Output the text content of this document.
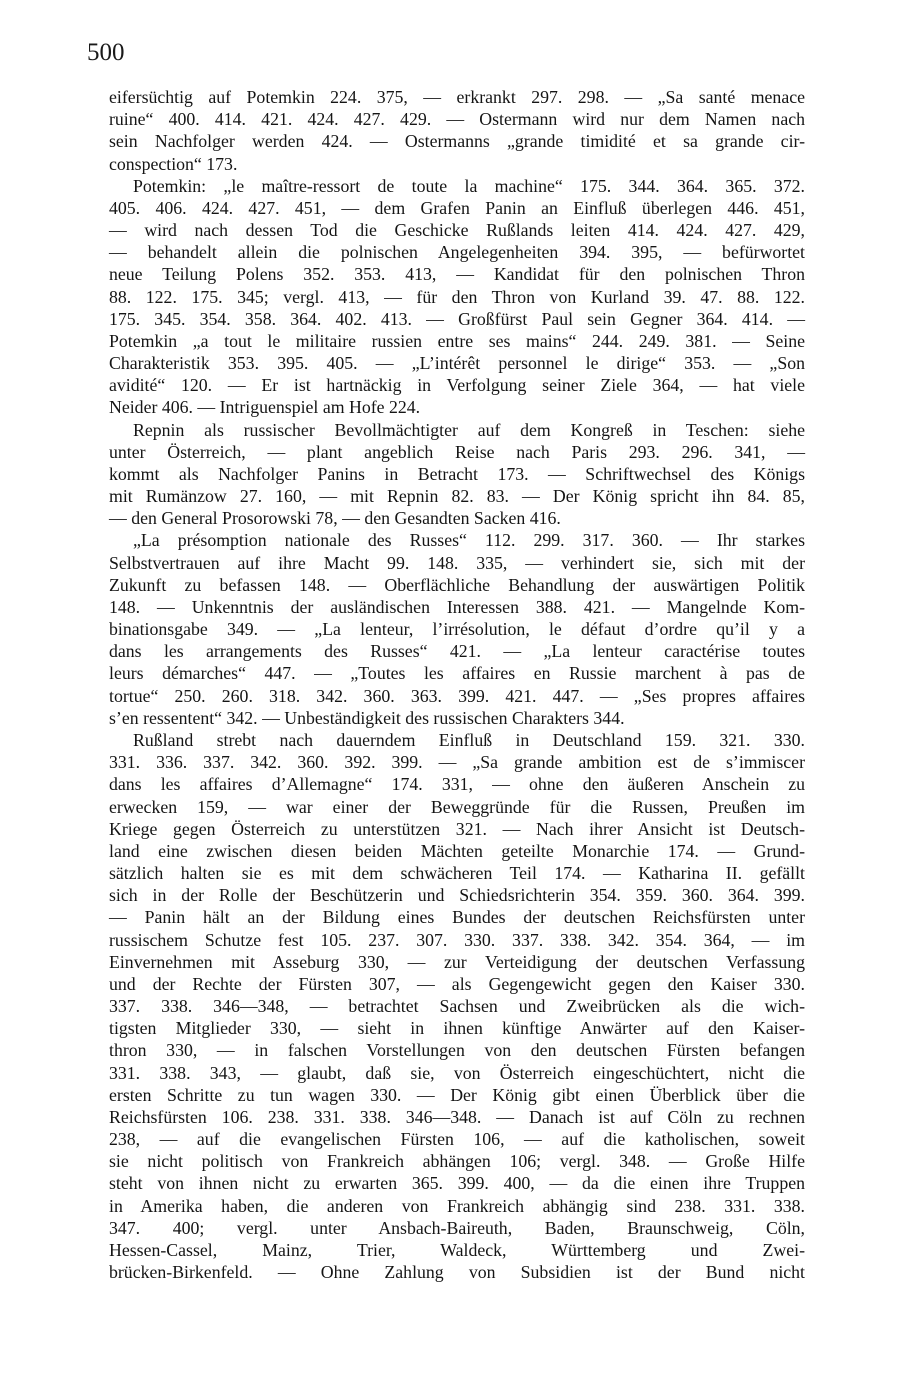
500
eifersüchtig auf Potemkin 224. 375, — erkrankt 297. 298. — „Sa santé menace
ruine“ 400. 414. 421. 424. 427. 429. — Ostermann wird nur dem Namen nach
sein Nachfolger werden 424. — Ostermanns „grande timidité et sa grande cir-
conspection“ 173.
Potemkin: „le maître-ressort de toute la machine“ 175. 344. 364. 365. 372.
405. 406. 424. 427. 451, — dem Grafen Panin an Einfluß überlegen 446. 451,
— wird nach dessen Tod die Geschicke Rußlands leiten 414. 424. 427. 429,
— behandelt allein die polnischen Angelegenheiten 394. 395, — befürwortet
neue Teilung Polens 352. 353. 413, — Kandidat für den polnischen Thron
88. 122. 175. 345; vergl. 413, — für den Thron von Kurland 39. 47. 88. 122.
175. 345. 354. 358. 364. 402. 413. — Großfürst Paul sein Gegner 364. 414. —
Potemkin „a tout le militaire russien entre ses mains“ 244. 249. 381. — Seine
Charakteristik 353. 395. 405. — „L’intérêt personnel le dirige“ 353. — „Son
avidité“ 120. — Er ist hartnäckig in Verfolgung seiner Ziele 364, — hat viele
Neider 406. — Intriguenspiel am Hofe 224.
Repnin als russischer Bevollmächtigter auf dem Kongreß in Teschen: siehe
unter Österreich, — plant angeblich Reise nach Paris 293. 296. 341, —
kommt als Nachfolger Panins in Betracht 173. — Schriftwechsel des Königs
mit Rumänzow 27. 160, — mit Repnin 82. 83. — Der König spricht ihn 84. 85,
— den General Prosorowski 78, — den Gesandten Sacken 416.
„La présomption nationale des Russes“ 112. 299. 317. 360. — Ihr starkes
Selbstvertrauen auf ihre Macht 99. 148. 335, — verhindert sie, sich mit der
Zukunft zu befassen 148. — Oberflächliche Behandlung der auswärtigen Politik
148. — Unkenntnis der ausländischen Interessen 388. 421. — Mangelnde Kom-
binationsgabe 349. — „La lenteur, l’irrésolution, le défaut d’ordre qu’il y a
dans les arrangements des Russes“ 421. — „La lenteur caractérise toutes
leurs démarches“ 447. — „Toutes les affaires en Russie marchent à pas de
tortue“ 250. 260. 318. 342. 360. 363. 399. 421. 447. — „Ses propres affaires
s’en ressentent“ 342. — Unbeständigkeit des russischen Charakters 344.
Rußland strebt nach dauerndem Einfluß in Deutschland 159. 321. 330.
331. 336. 337. 342. 360. 392. 399. — „Sa grande ambition est de s’immiscer
dans les affaires d’Allemagne“ 174. 331, — ohne den äußeren Anschein zu
erwecken 159, — war einer der Beweggründe für die Russen, Preußen im
Kriege gegen Österreich zu unterstützen 321. — Nach ihrer Ansicht ist Deutsch-
land eine zwischen diesen beiden Mächten geteilte Monarchie 174. — Grund-
sätzlich halten sie es mit dem schwächeren Teil 174. — Katharina II. gefällt
sich in der Rolle der Beschützerin und Schiedsrichterin 354. 359. 360. 364. 399.
— Panin hält an der Bildung eines Bundes der deutschen Reichsfürsten unter
russischem Schutze fest 105. 237. 307. 330. 337. 338. 342. 354. 364, — im
Einvernehmen mit Asseburg 330, — zur Verteidigung der deutschen Verfassung
und der Rechte der Fürsten 307, — als Gegengewicht gegen den Kaiser 330.
337. 338. 346—348, — betrachtet Sachsen und Zweibrücken als die wich-
tigsten Mitglieder 330, — sieht in ihnen künftige Anwärter auf den Kaiser-
thron 330, — in falschen Vorstellungen von den deutschen Fürsten befangen
331. 338. 343, — glaubt, daß sie, von Österreich eingeschüchtert, nicht die
ersten Schritte zu tun wagen 330. — Der König gibt einen Überblick über die
Reichsfürsten 106. 238. 331. 338. 346—348. — Danach ist auf Cöln zu rechnen
238, — auf die evangelischen Fürsten 106, — auf die katholischen, soweit
sie nicht politisch von Frankreich abhängen 106; vergl. 348. — Große Hilfe
steht von ihnen nicht zu erwarten 365. 399. 400, — da die einen ihre Truppen
in Amerika haben, die anderen von Frankreich abhängig sind 238. 331. 338.
347. 400; vergl. unter Ansbach-Baireuth, Baden, Braunschweig, Cöln,
Hessen-Cassel, Mainz, Trier, Waldeck, Württemberg und Zwei-
brücken-Birkenfeld. — Ohne Zahlung von Subsidien ist der Bund nicht
